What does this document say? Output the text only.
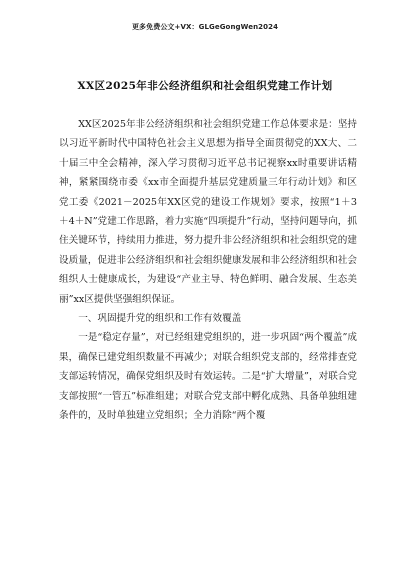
更多免费公文+VX：GLGeGongWen2024
XX区2025年非公经济组织和社会组织党建工作计划

XX区2025年非公经济组织和社会组织党建工作总体要求是：坚持以习近平新时代中国特色社会主义思想为指导全面贯彻党的XX大、二十届三中全会精神，深入学习贯彻习近平总书记视察xx时重要讲话精神，紧紧围绕市委《xx市全面提升基层党建质量三年行动计划》和区党工委《2021－2025年XX区党的建设工作规划》要求，按照“1＋3＋4＋N”党建工作思路，着力实施“四项提升”行动，坚持问题导向，抓住关键环节，持续用力推进，努力提升非公经济组织和社会组织党的建设质量，促进非公经济组织和社会组织健康发展和非公经济组织和社会组织人士健康成长，为建设“产业主导、特色鲜明、融合发展、生态美丽”xx区提供坚强组织保证。

一、巩固提升党的组织和工作有效覆盖

一是“稳定存量”，对已经组建党组织的，进一步巩固“两个覆盖”成果，确保已建党组织数量不再减少；对联合组织党支部的，经常排查党支部运转情况，确保党组织及时有效运转。二是“扩大增量”，对联合党支部按照“一管五”标准组建；对联合党支部中孵化成熟、具备单独组建条件的，及时单独建立党组织；全力消除“两个覆
